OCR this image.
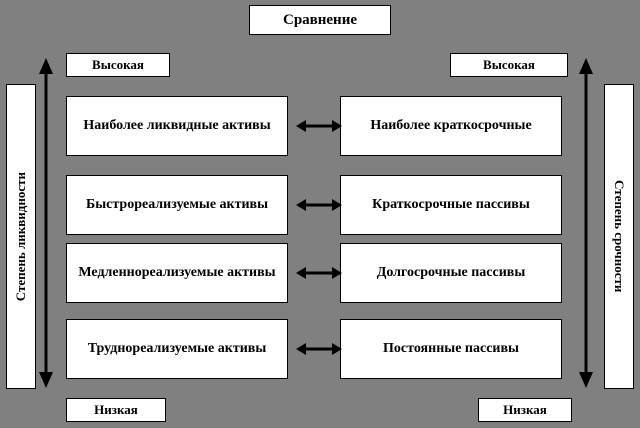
Сравнение
Высокая	Высокая
Низкая	Низкая
Степень ликвидности	Степень срочности
Наиболее ликвидные активы
Быстрореализуемые активы
Медленнореализуемые активы
Труднореализуемые активы
Наиболее краткосрочные
Краткосрочные пассивы
Долгосрочные пассивы
Постоянные пассивы
